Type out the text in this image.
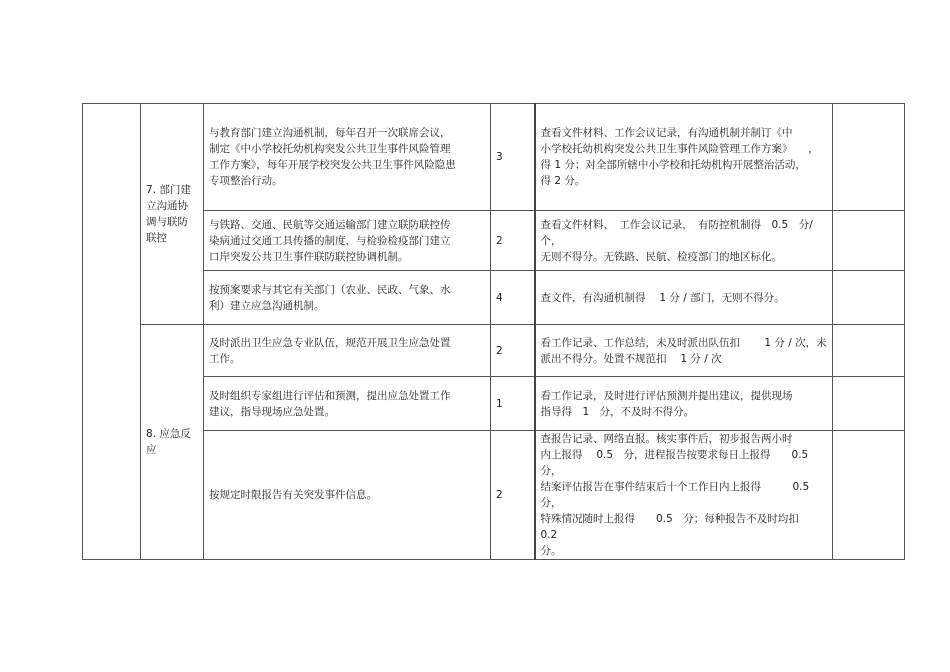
	7. 部门建
立沟通协
调与联防
联控	与教育部门建立沟通机制，每年召开一次联席会议，
制定《中小学校托幼机构突发公共卫生事件风险管理
工作方案》，每年开展学校突发公共卫生事件风险隐患
专项整治行动。	3	查看文件材料、工作会议记录，有沟通机制并制订《中
小学校托幼机构突发公共卫生事件风险管理工作方案》　　，
得 1 分；对全部所辖中小学校和托幼机构开展整治活动，
得 2 分。	
		与铁路、交通、民航等交通运输部门建立联防联控传
染病通过交通工具传播的制度，与检验检疫部门建立
口岸突发公共卫生事件联防联控协调机制。	2	查看文件材料、　工作会议记录，　有防控机制得　0.5　分/ 个，
无则不得分。无铁路、民航、检疫部门的地区标化。	
		按预案要求与其它有关部门（农业、民政、气象、水
利）建立应急沟通机制。	4	查文件，有沟通机制得　 1 分 / 部门，无则不得分。	
	8. 应急反
应	及时派出卫生应急专业队伍，规范开展卫生应急处置
工作。	2	看工作记录、工作总结，未及时派出队伍扣　　 1 分 / 次，未
派出不得分。处置不规范扣　 1 分 / 次	
		及时组织专家组进行评估和预测，提出应急处置工作
建议，指导现场应急处置。	1	看工作记录，及时进行评估预测并提出建议，提供现场
指导得　1　分，不及时不得分。	
		按规定时限报告有关突发事件信息。	2	查报告记录、网络直报。核实事件后，初步报告两小时
内上报得　 0.5　分，进程报告按要求每日上报得　　0.5　分，
结案评估报告在事件结束后十个工作日内上报得　　　0.5　分，
特殊情况随时上报得　　0.5　分；每种报告不及时均扣　　0.2
分。	
